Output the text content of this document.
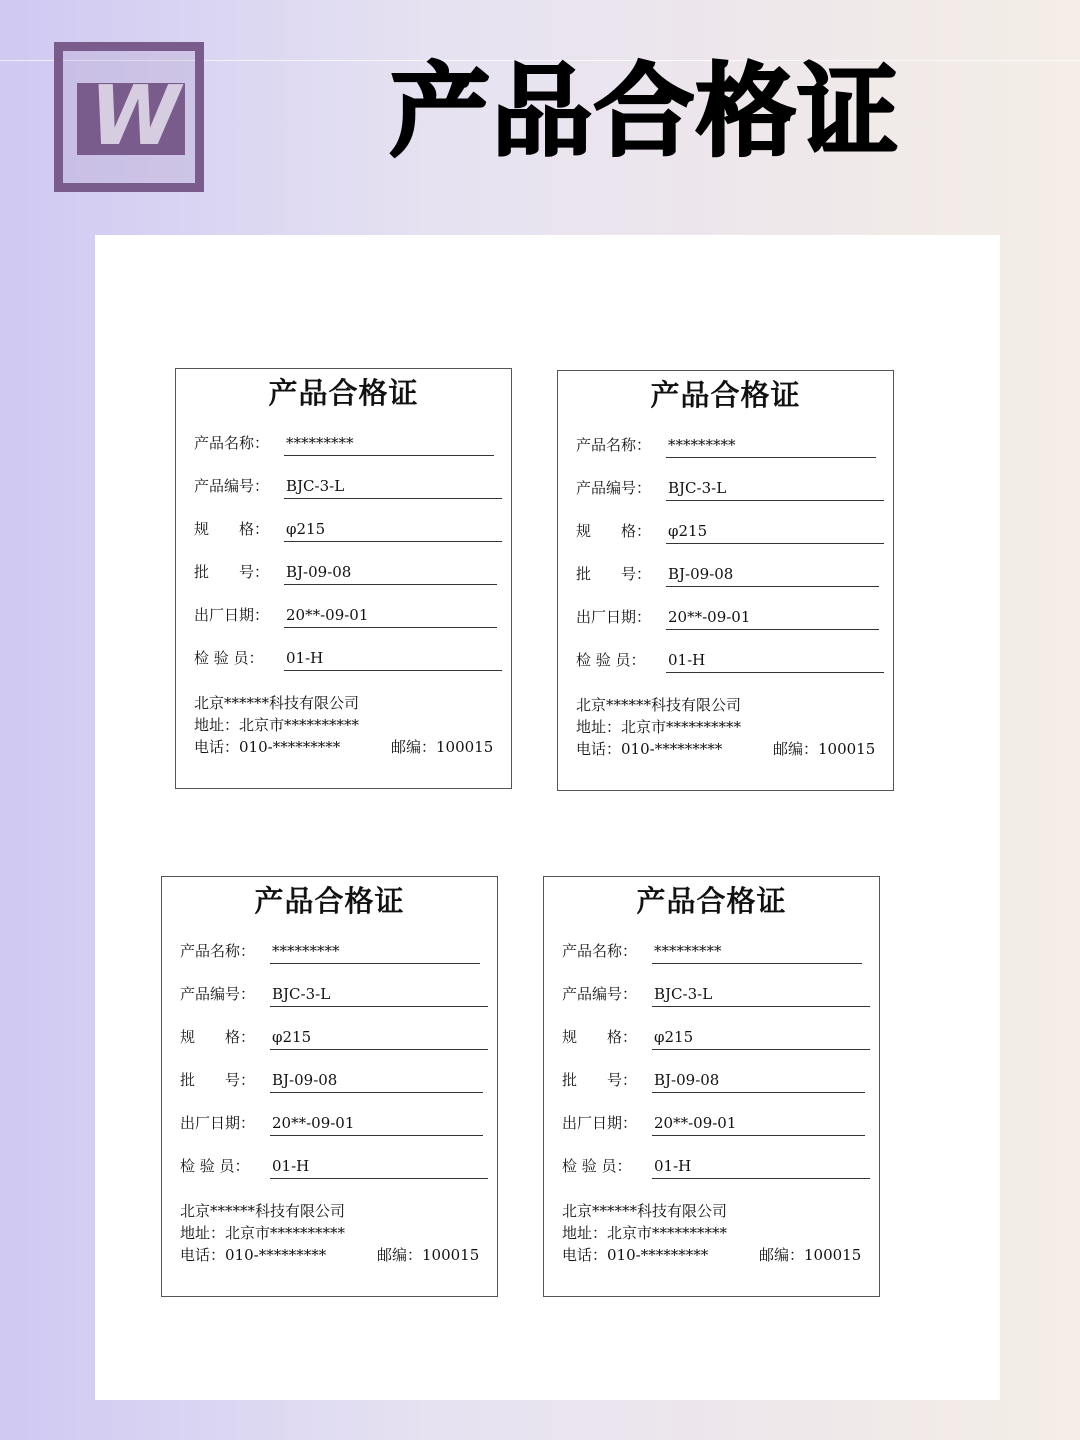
W 产品合格证
产品合格证
产品名称：	*********
产品编号：	BJC-3-L
规　　格：	φ215
批　　号：	BJ-09-08
出厂日期：	20**-09-01
检 验 员：	01-H
北京******科技有限公司
地址：北京市**********
电话：010-*********	邮编：100015
产品合格证
产品名称：	*********
产品编号：	BJC-3-L
规　　格：	φ215
批　　号：	BJ-09-08
出厂日期：	20**-09-01
检 验 员：	01-H
北京******科技有限公司
地址：北京市**********
电话：010-*********	邮编：100015
产品合格证
产品名称：	*********
产品编号：	BJC-3-L
规　　格：	φ215
批　　号：	BJ-09-08
出厂日期：	20**-09-01
检 验 员：	01-H
北京******科技有限公司
地址：北京市**********
电话：010-*********	邮编：100015
产品合格证
产品名称：	*********
产品编号：	BJC-3-L
规　　格：	φ215
批　　号：	BJ-09-08
出厂日期：	20**-09-01
检 验 员：	01-H
北京******科技有限公司
地址：北京市**********
电话：010-*********	邮编：100015
